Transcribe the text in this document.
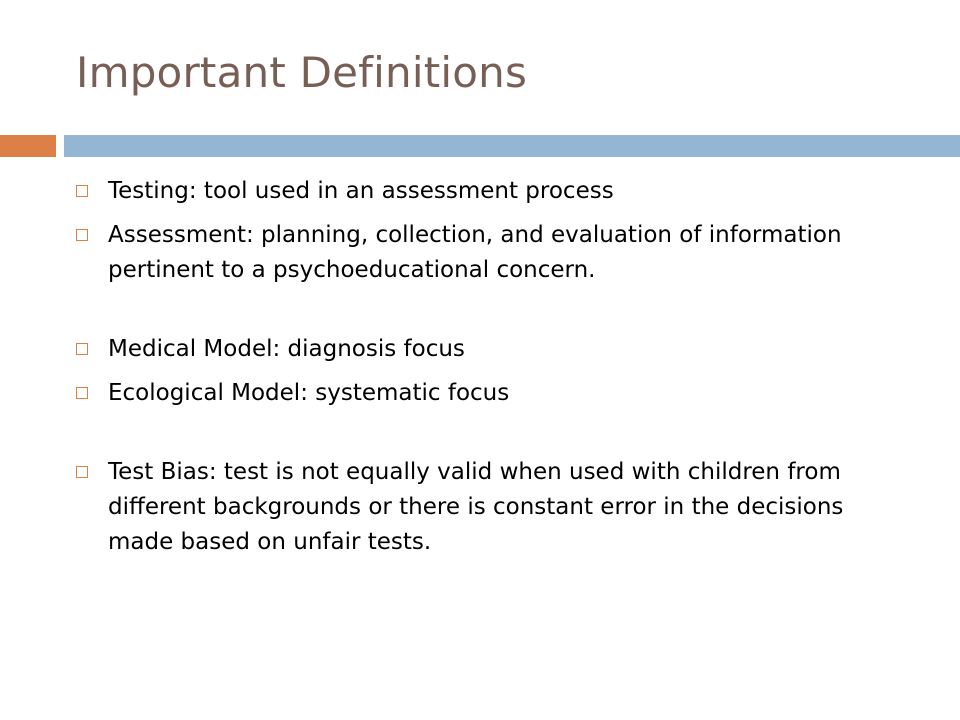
Important Definitions
Testing: tool used in an assessment process
Assessment: planning, collection, and evaluation of information pertinent to a psychoeducational concern.
Medical Model: diagnosis focus
Ecological Model: systematic focus
Test Bias: test is not equally valid when used with children from different backgrounds or there is constant error in the decisions made based on unfair tests.
